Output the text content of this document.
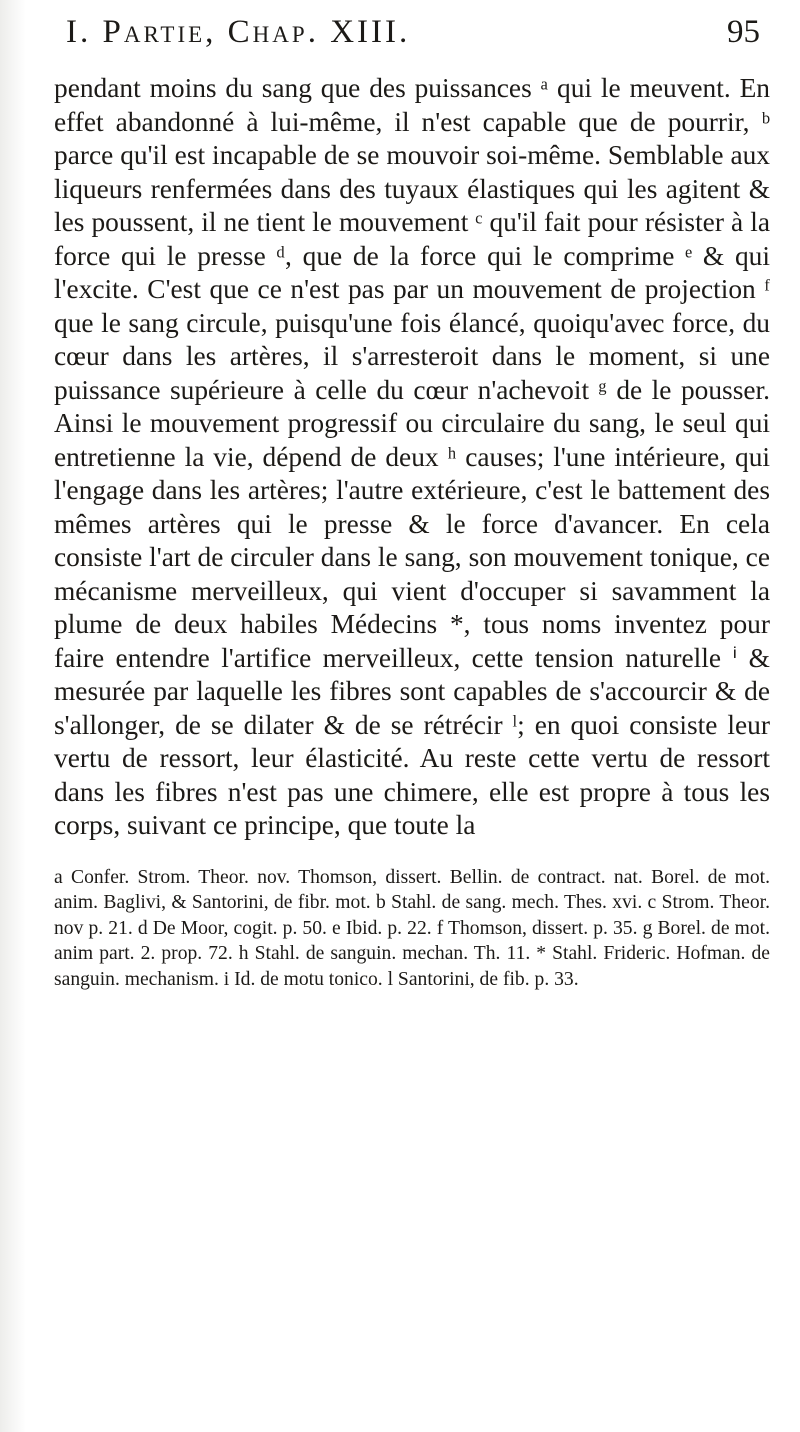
I. Partie, Chap. XIII.	95

pendant moins du sang que des puissances ᵃ qui le meuvent. En effet abandonné à lui-même, il n'est capable que de pourrir, ᵇ parce qu'il est incapable de se mouvoir soi-même. Semblable aux liqueurs renfermées dans des tuyaux élastiques qui les agitent & les poussent, il ne tient le mouvement ᶜ qu'il fait pour résister à la force qui le presse ᵈ, que de la force qui le comprime ᵉ & qui l'excite. C'est que ce n'est pas par un mouvement de projection ᶠ que le sang circule, puisqu'une fois élancé, quoiqu'avec force, du cœur dans les artères, il s'arresteroit dans le moment, si une puissance supérieure à celle du cœur n'achevoit ᵍ de le pousser. Ainsi le mouvement progressif ou circulaire du sang, le seul qui entretienne la vie, dépend de deux ʰ causes; l'une intérieure, qui l'engage dans les artères; l'autre extérieure, c'est le battement des mêmes artères qui le presse & le force d'avancer. En cela consiste l'art de circuler dans le sang, son mouvement tonique, ce mécanisme merveilleux, qui vient d'occuper si savamment la plume de deux habiles Médecins *, tous noms inventez pour faire entendre l'artifice merveilleux, cette tension naturelle ⁱ & mesurée par laquelle les fibres sont capables de s'accourcir & de s'allonger, de se dilater & de se rétrécir ˡ; en quoi consiste leur vertu de ressort, leur élasticité. Au reste cette vertu de ressort dans les fibres n'est pas une chimere, elle est propre à tous les corps, suivant ce principe, que toute la

a Confer. Strom. Theor. nov. Thomson, dissert. Bellin. de contract. nat. Borel. de mot. anim. Baglivi, & Santorini, de fibr. mot. b Stahl. de sang. mech. Thes. xvi. c Strom. Theor. nov p. 21. d De Moor, cogit. p. 50. e Ibid. p. 22. f Thomson, dissert. p. 35. g Borel. de mot. anim part. 2. prop. 72. h Stahl. de sanguin. mechan. Th. 11. * Stahl. Frideric. Hofman. de sanguin. mechanism. i Id. de motu tonico. l Santorini, de fib. p. 33.
